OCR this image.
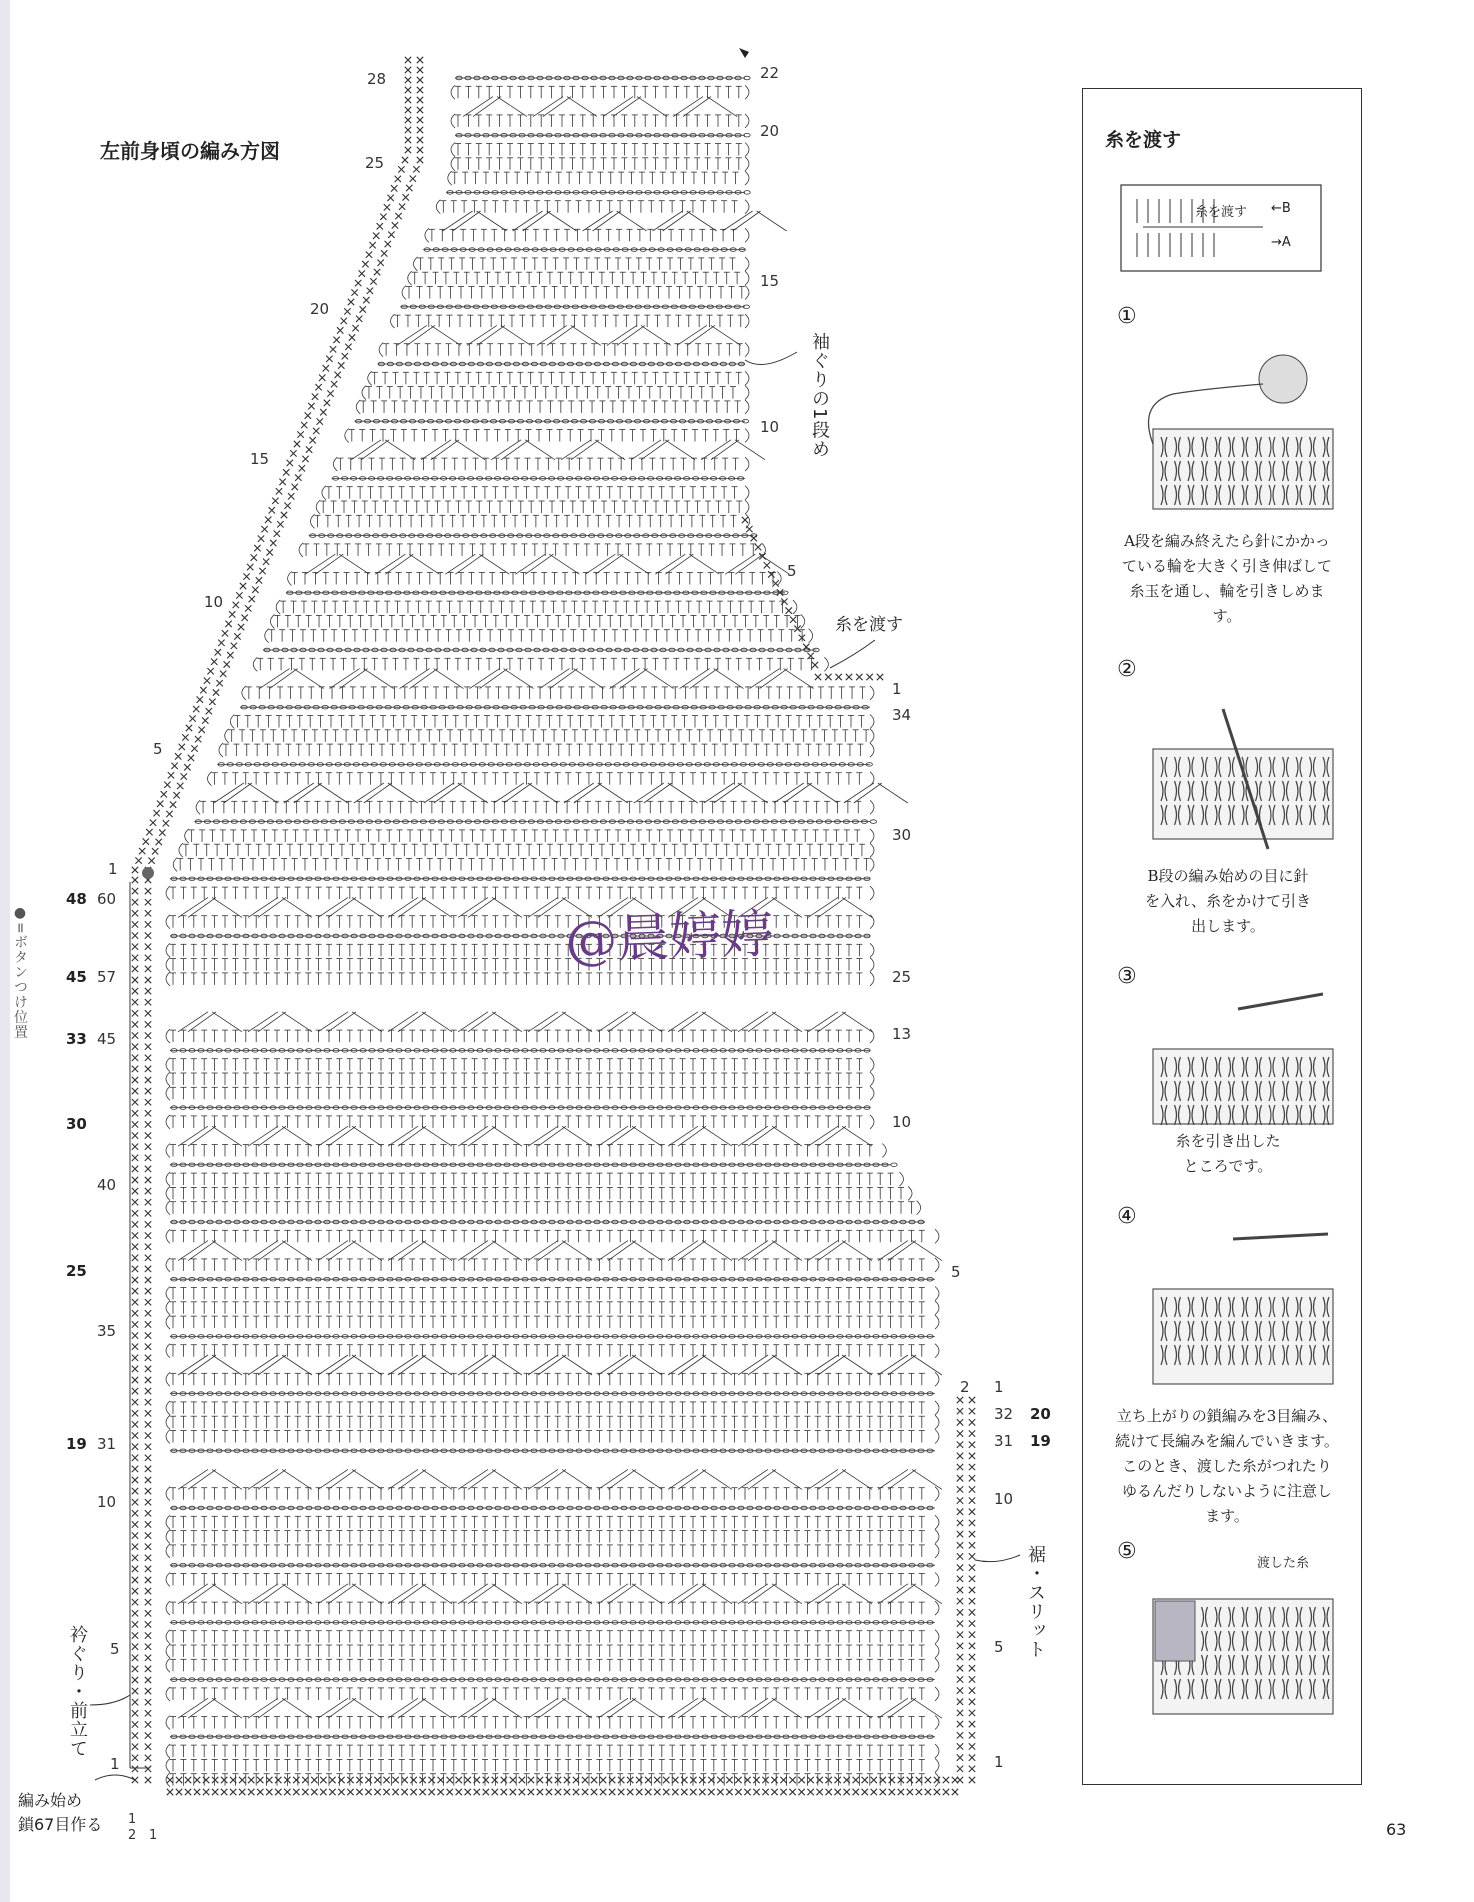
左前身頃の編み方図
22
20
15
10
5
1
34
30
25
13
10
5
1
2
32
31
10
5
1
20
19
28
25
20
15
10
5
1
60
57
45
40
35
31
10
5
1
48
45
33
30
25
19
袖ぐりの1段め
糸を渡す
裾・スリット
衿ぐり・前立て
●=ボタンつけ位置
編み始め
鎖67目作る
2 1
1
@晨婷婷
糸を渡す
糸を渡す ←B
→A
①
A段を編み終えたら針にかかっている輪を大きく引き伸ばして糸玉を通し、輪を引きしめます。
②
B段の編み始めの目に針を入れ、糸をかけて引き出します。
③
糸を引き出したところです。
④
立ち上がりの鎖編みを3目編み、続けて長編みを編んでいきます。このとき、渡した糸がつれたりゆるんだりしないように注意します。
⑤	渡した糸
63
